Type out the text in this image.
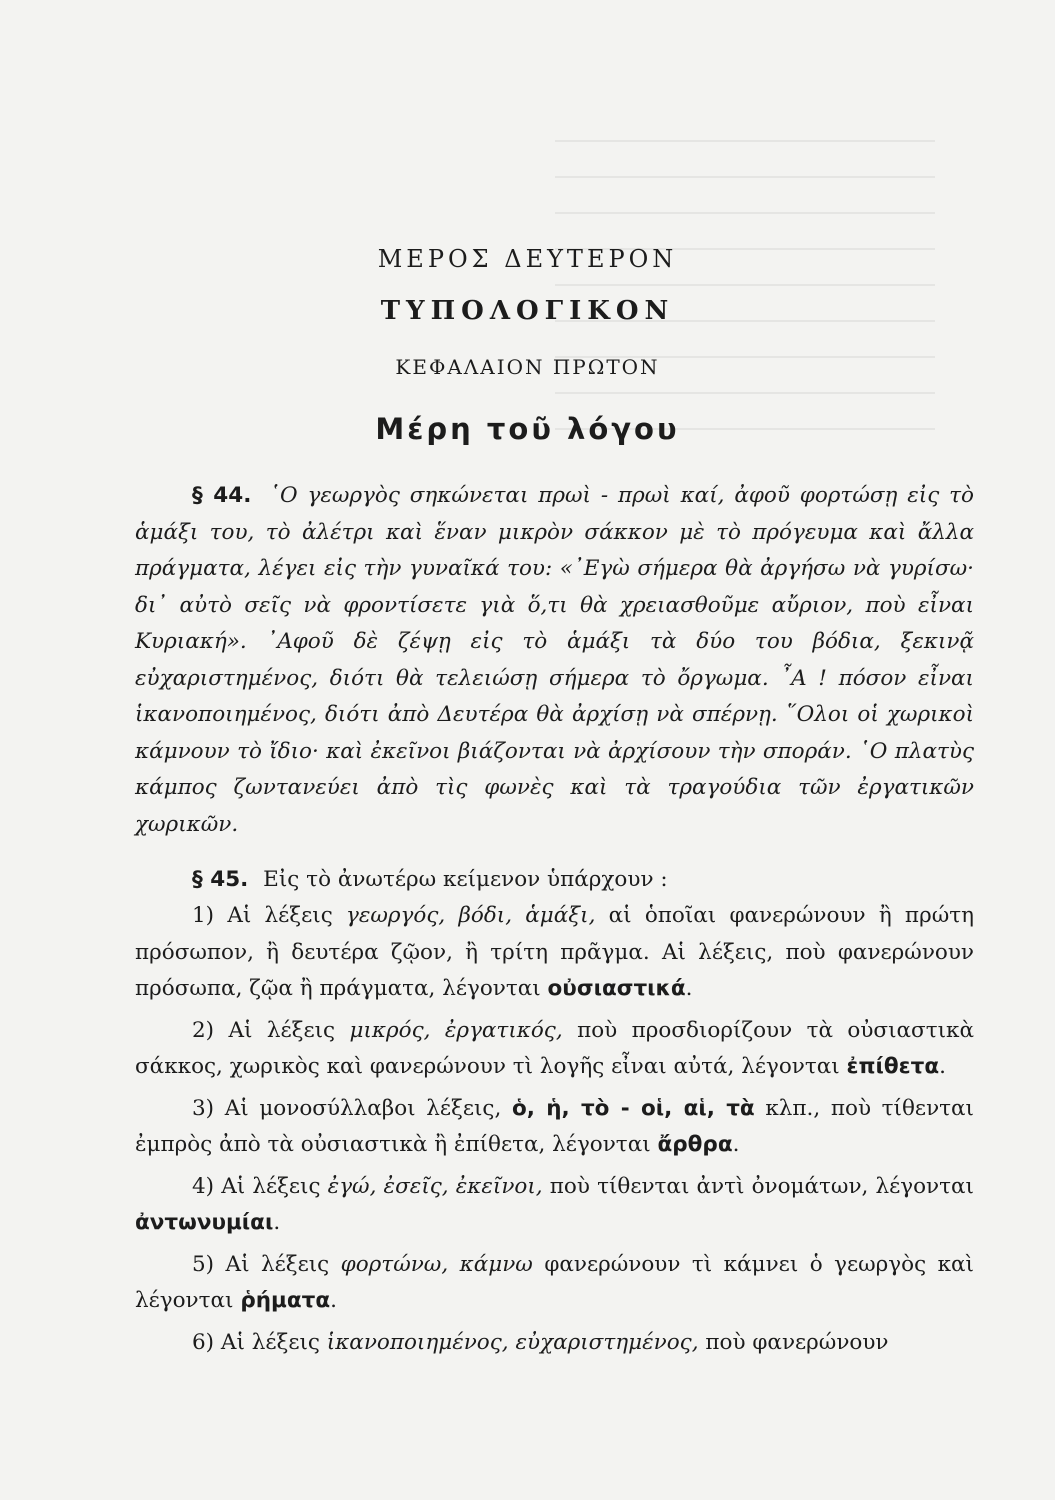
ΜΕΡΟΣ ΔΕΥΤΕΡΟΝ
ΤΥΠΟΛΟΓΙΚΟΝ
ΚΕΦΑΛΑΙΟΝ ΠΡΩΤΟΝ
Μέρη τοῦ λόγου

§ 44. ῾Ο γεωργὸς σηκώνεται πρωὶ - πρωὶ καί, ἀφοῦ φορτώσῃ εἰς τὸ ἁμάξι του, τὸ ἀλέτρι καὶ ἕναν μικρὸν σάκκον μὲ τὸ πρόγευμα καὶ ἄλλα πράγματα, λέγει εἰς τὴν γυναῖκά του: «᾿Εγὼ σήμερα θὰ ἀργήσω νὰ γυρίσω· δι᾿ αὐτὸ σεῖς νὰ φροντίσετε γιὰ ὅ,τι θὰ χρειασθοῦμε αὔριον, ποὺ εἶναι Κυριακή». ᾿Αφοῦ δὲ ζέψῃ εἰς τὸ ἁμάξι τὰ δύο του βόδια, ξεκινᾷ εὐχαριστημένος, διότι θὰ τελειώσῃ σήμερα τὸ ὄργωμα. ῏Α ! πόσον εἶναι ἱκανοποιημένος, διότι ἀπὸ Δευτέρα θὰ ἀρχίσῃ νὰ σπέρνῃ. ῞Ολοι οἱ χωρικοὶ κάμνουν τὸ ἴδιο· καὶ ἐκεῖνοι βιάζονται νὰ ἀρχίσουν τὴν σποράν. ῾Ο πλατὺς κάμπος ζωντανεύει ἀπὸ τὶς φωνὲς καὶ τὰ τραγούδια τῶν ἐργατικῶν χωρικῶν.

§ 45. Εἰς τὸ ἀνωτέρω κείμενον ὑπάρχουν :

1) Αἱ λέξεις γεωργός, βόδι, ἁμάξι, αἱ ὁποῖαι φανερώνουν ἢ πρώτη πρόσωπον, ἢ δευτέρα ζῷον, ἢ τρίτη πρᾶγμα. Αἱ λέξεις, ποὺ φανερώνουν πρόσωπα, ζῷα ἢ πράγματα, λέγονται οὐσιαστικά.

2) Αἱ λέξεις μικρός, ἐργατικός, ποὺ προσδιορίζουν τὰ οὐσιαστικὰ σάκκος, χωρικὸς καὶ φανερώνουν τὶ λογῆς εἶναι αὐτά, λέγονται ἐπίθετα.

3) Αἱ μονοσύλλαβοι λέξεις, ὁ, ἡ, τὸ - οἱ, αἱ, τὰ κλπ., ποὺ τίθενται ἐμπρὸς ἀπὸ τὰ οὐσιαστικὰ ἢ ἐπίθετα, λέγονται ἄρθρα.

4) Αἱ λέξεις ἐγώ, ἐσεῖς, ἐκεῖνοι, ποὺ τίθενται ἀντὶ ὀνομάτων, λέγονται ἀντωνυμίαι.

5) Αἱ λέξεις φορτώνω, κάμνω φανερώνουν τὶ κάμνει ὁ γεωργὸς καὶ λέγονται ῥήματα.

6) Αἱ λέξεις ἱκανοποιημένος, εὐχαριστημένος, ποὺ φανερώνουν
